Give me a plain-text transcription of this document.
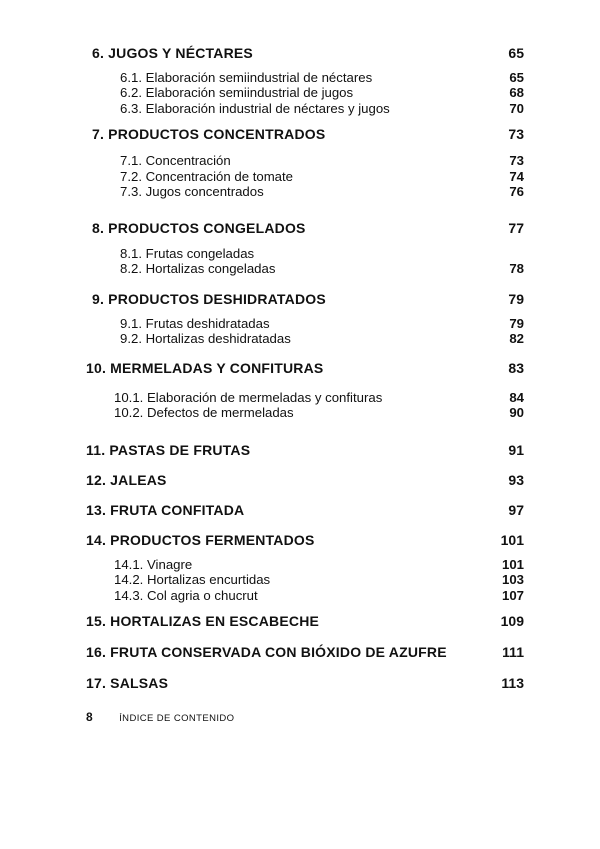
6. JUGOS Y NÉCTARES	65
6.1. Elaboración semiindustrial de néctares	65
6.2. Elaboración semiindustrial de jugos	68
6.3. Elaboración industrial de néctares y jugos	70
7. PRODUCTOS CONCENTRADOS	73
7.1. Concentración	73
7.2. Concentración de tomate	74
7.3. Jugos concentrados	76
8. PRODUCTOS CONGELADOS	77
8.1. Frutas congeladas
8.2. Hortalizas congeladas	78
9. PRODUCTOS DESHIDRATADOS	79
9.1. Frutas deshidratadas	79
9.2. Hortalizas deshidratadas	82
10. MERMELADAS Y CONFITURAS	83
10.1. Elaboración de mermeladas y confituras	84
10.2. Defectos de mermeladas	90
11. PASTAS DE FRUTAS	91
12. JALEAS	93
13. FRUTA CONFITADA	97
14. PRODUCTOS FERMENTADOS	101
14.1. Vinagre	101
14.2. Hortalizas encurtidas	103
14.3. Col agria o chucrut	107
15. HORTALIZAS EN ESCABECHE	109
16. FRUTA CONSERVADA CON BIÓXIDO DE AZUFRE	111
17. SALSAS	113
8	ÍNDICE DE CONTENIDO
